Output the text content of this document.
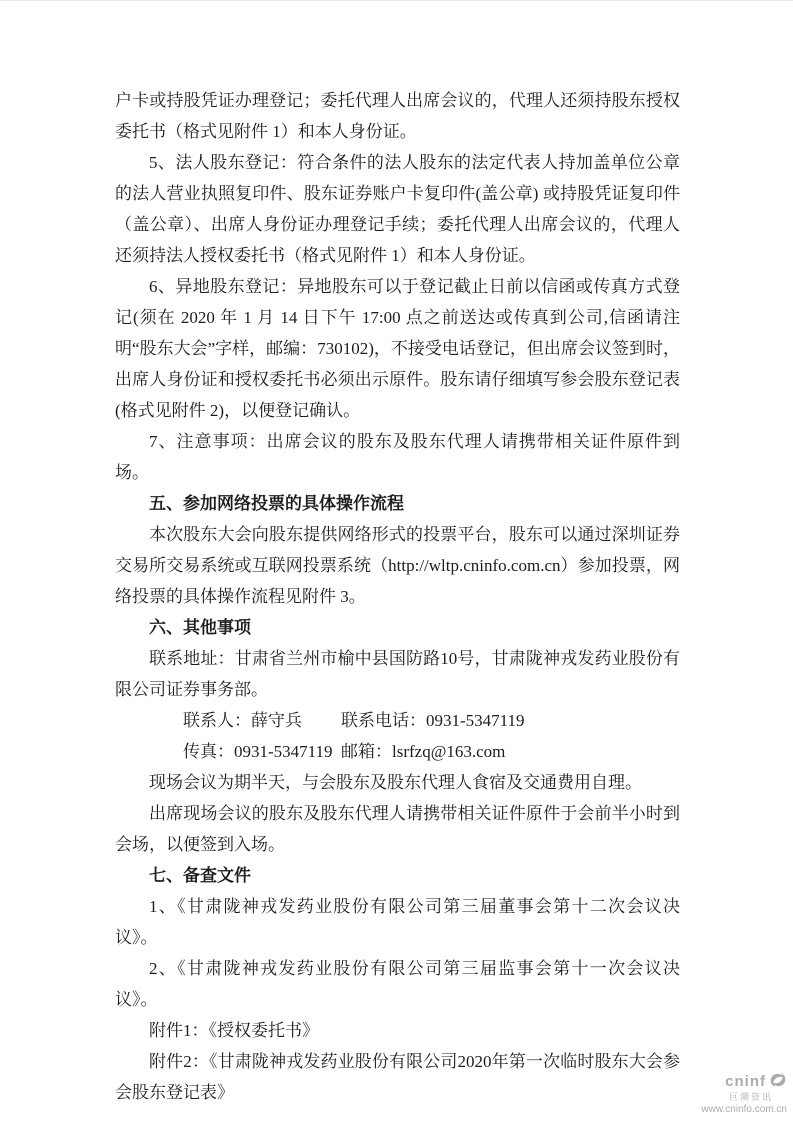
户卡或持股凭证办理登记；委托代理人出席会议的，代理人还须持股东授权委托书（格式见附件 1）和本人身份证。

5、法人股东登记：符合条件的法人股东的法定代表人持加盖单位公章的法人营业执照复印件、股东证券账户卡复印件(盖公章) 或持股凭证复印件（盖公章）、出席人身份证办理登记手续；委托代理人出席会议的，代理人还须持法人授权委托书（格式见附件 1）和本人身份证。

6、异地股东登记：异地股东可以于登记截止日前以信函或传真方式登记(须在 2020 年 1 月 14 日下午 17:00 点之前送达或传真到公司,信函请注明“股东大会”字样，邮编：730102)，不接受电话登记，但出席会议签到时，出席人身份证和授权委托书必须出示原件。股东请仔细填写参会股东登记表(格式见附件 2)，以便登记确认。

7、注意事项：出席会议的股东及股东代理人请携带相关证件原件到场。

五、参加网络投票的具体操作流程

本次股东大会向股东提供网络形式的投票平台，股东可以通过深圳证券交易所交易系统或互联网投票系统（http://wltp.cninfo.com.cn）参加投票，网络投票的具体操作流程见附件 3。

六、其他事项

联系地址：甘肃省兰州市榆中县国防路10号，甘肃陇神戎发药业股份有限公司证券事务部。

联系人：薛守兵 联系电话：0931-5347119

传真：0931-5347119 邮箱：lsrfzq@163.com

现场会议为期半天，与会股东及股东代理人食宿及交通费用自理。

出席现场会议的股东及股东代理人请携带相关证件原件于会前半小时到会场，以便签到入场。

七、备查文件

1、《甘肃陇神戎发药业股份有限公司第三届董事会第十二次会议决议》。

2、《甘肃陇神戎发药业股份有限公司第三届监事会第十一次会议决议》。

附件1：《授权委托书》

附件2：《甘肃陇神戎发药业股份有限公司2020年第一次临时股东大会参会股东登记表》

cninf
巨潮资讯
www.cninfo.com.cn
